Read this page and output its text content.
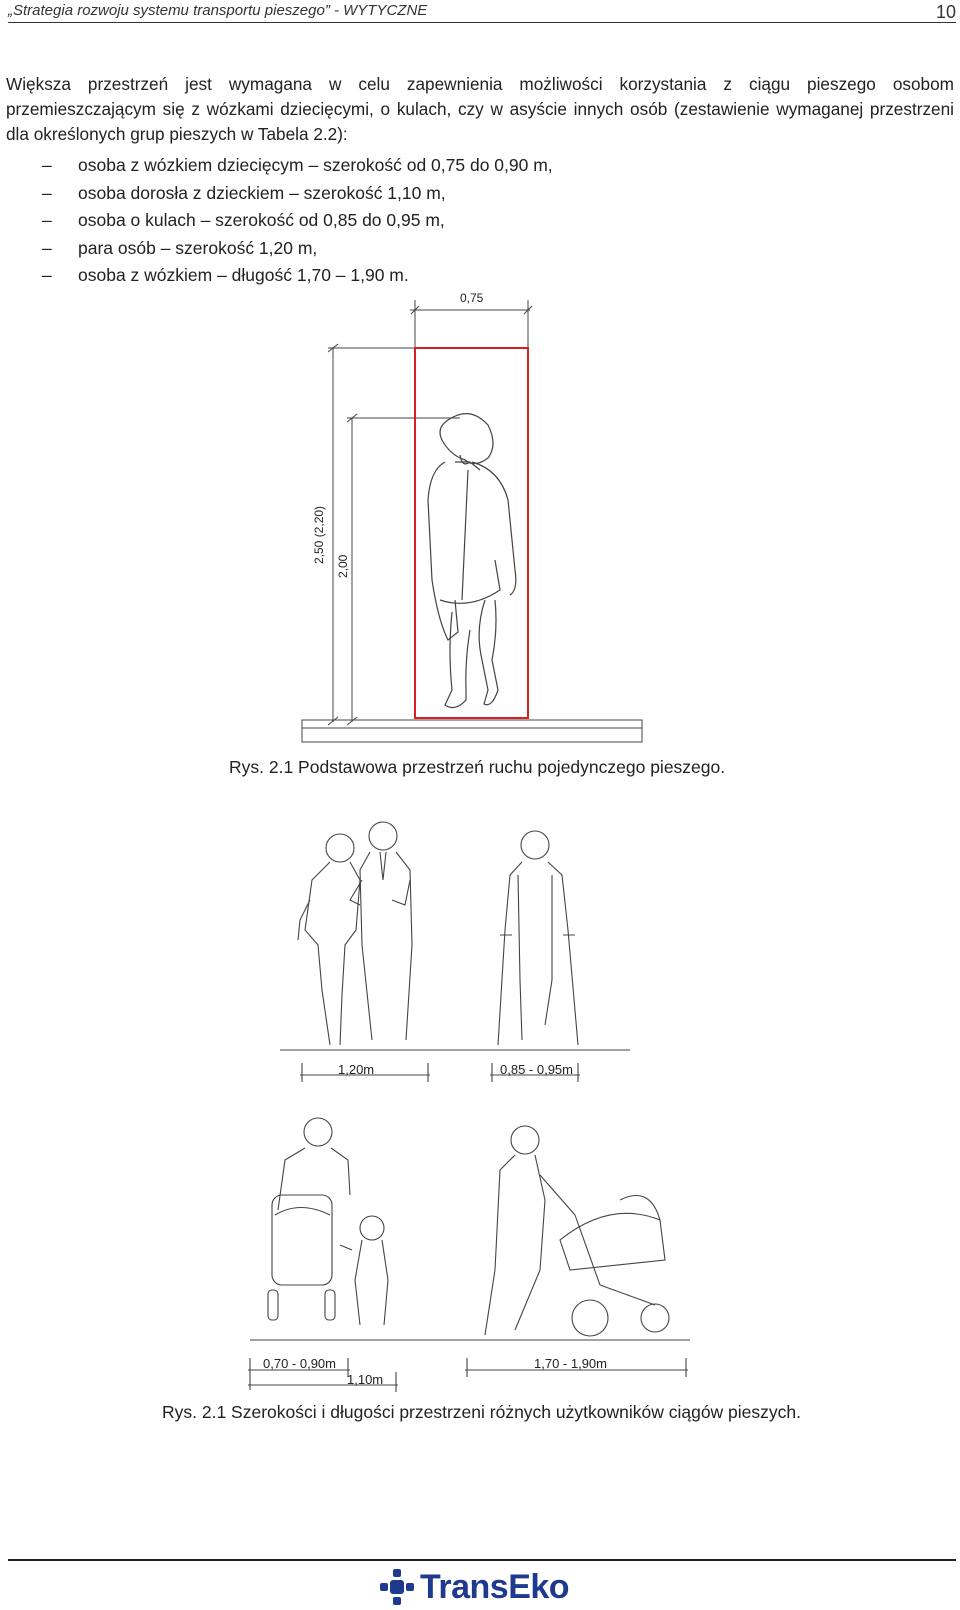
„Strategia rozwoju systemu transportu pieszego” - WYTYCZNE	10

Większa przestrzeń jest wymagana w celu zapewnienia możliwości korzystania z ciągu pieszego osobom przemieszczającym się z wózkami dziecięcymi, o kulach, czy w asyście innych osób (zestawienie wymaganej przestrzeni dla określonych grup pieszych w Tabela 2.2):

– osoba z wózkiem dziecięcym – szerokość od 0,75 do 0,90 m,
– osoba dorosła z dzieckiem – szerokość 1,10 m,
– osoba o kulach – szerokość od 0,85 do 0,95 m,
– para osób – szerokość 1,20 m,
– osoba z wózkiem – długość 1,70 – 1,90 m.
0,75
2,50 (2,20)
2,00
Rys. 2.1 Podstawowa przestrzeń ruchu pojedynczego pieszego.
1,20m	0,85 - 0,95m
0,70 - 0,90m
1,10m
1,70 - 1,90m
Rys. 2.1 Szerokości i długości przestrzeni różnych użytkowników ciągów pieszych.
TransEko
